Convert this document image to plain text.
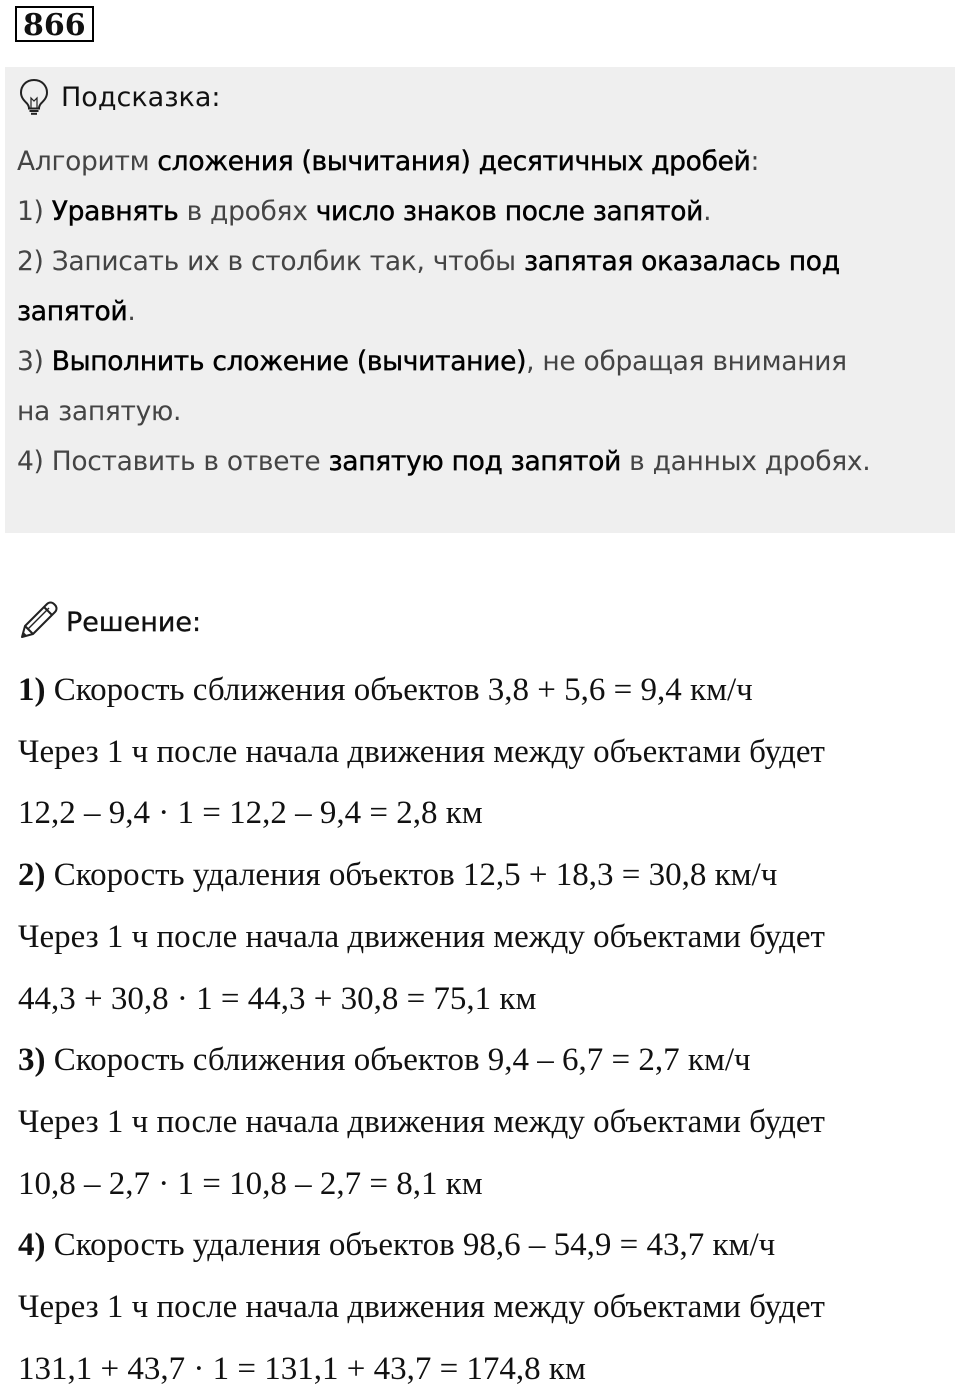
866
Подсказка:
Алгоритм сложения (вычитания) десятичных дробей:
1) Уравнять в дробях число знаков после запятой.
2) Записать их в столбик так, чтобы запятая оказалась под
запятой.
3) Выполнить сложение (вычитание), не обращая внимания
на запятую.
4) Поставить в ответе запятую под запятой в данных дробях.
Решение:
1) Скорость сближения объектов 3,8 + 5,6 = 9,4 км/ч
Через 1 ч после начала движения между объектами будет
12,2 – 9,4 · 1 = 12,2 – 9,4 = 2,8 км
2) Скорость удаления объектов 12,5 + 18,3 = 30,8 км/ч
Через 1 ч после начала движения между объектами будет
44,3 + 30,8 · 1 = 44,3 + 30,8 = 75,1 км
3) Скорость сближения объектов 9,4 – 6,7 = 2,7 км/ч
Через 1 ч после начала движения между объектами будет
10,8 – 2,7 · 1 = 10,8 – 2,7 = 8,1 км
4) Скорость удаления объектов 98,6 – 54,9 = 43,7 км/ч
Через 1 ч после начала движения между объектами будет
131,1 + 43,7 · 1 = 131,1 + 43,7 = 174,8 км
